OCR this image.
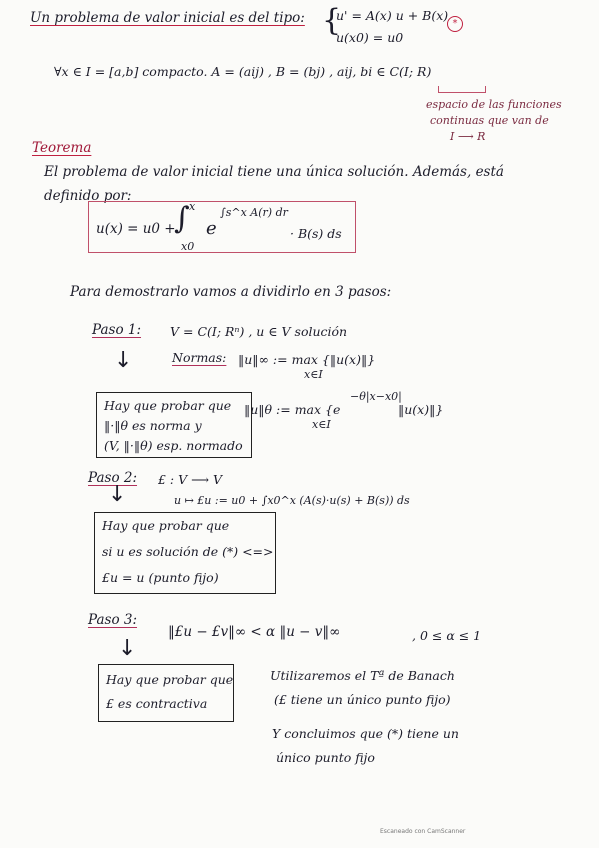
Un problema de valor inicial es del tipo: {
u' = A(x) u + B(x)
u(x0) = u0
*
∀x ∈ I = [a,b] compacto. A = (aij) , B = (bj) , aij, bi ∈ C(I; R)
espacio de las funciones
continuas que van de
I ⟶ R
Teorema
El problema de valor inicial tiene una única solución. Además, está
definido por:
u(x) = u0 +
∫ x
x0
e
∫s^x A(r) dr
· B(s) ds
Para demostrarlo vamos a dividirlo en 3 pasos:
Paso 1: V = C(I; Rⁿ) , u ∈ V solución
Normas: ‖u‖∞ := max {‖u(x)‖}
x∈I
↓
‖u‖θ := max {e
−θ|x−x0|
‖u(x)‖}
x∈I
Hay que probar que
‖·‖θ es norma y
(V, ‖·‖θ) esp. normado
Paso 2: £ : V ⟶ V
u ↦ £u := u0 + ∫x0^x (A(s)·u(s) + B(s)) ds
↓
Hay que probar que
si u es solución de (*) <=>
£u = u (punto fijo)
Paso 3:
‖£u − £v‖∞ < α ‖u − v‖∞	, 0 ≤ α ≤ 1
↓
Hay que probar que
£ es contractiva
Utilizaremos el Tª de Banach
(£ tiene un único punto fijo)
Y concluimos que (*) tiene un
único punto fijo
Escaneado con CamScanner
